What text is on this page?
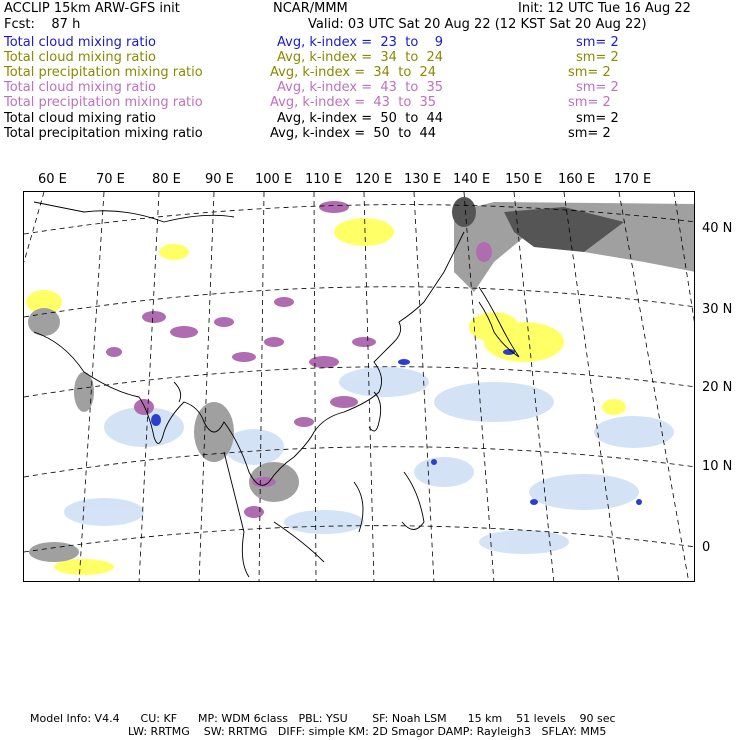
ACCLIP 15km ARW-GFS init	NCAR/MMM	Init: 12 UTC Tue 16 Aug 22
Fcst:    87 h	Valid: 03 UTC Sat 20 Aug 22 (12 KST Sat 20 Aug 22)
Total cloud mixing ratio	Avg, k-index =  23  to    9	sm= 2
Total cloud mixing ratio	Avg, k-index =  34  to  24	sm= 2
Total precipitation mixing ratio	Avg, k-index =  34  to  24	sm= 2
Total cloud mixing ratio	Avg, k-index =  43  to  35	sm= 2
Total precipitation mixing ratio	Avg, k-index =  43  to  35	sm= 2
Total cloud mixing ratio	Avg, k-index =  50  to  44	sm= 2
Total precipitation mixing ratio	Avg, k-index =  50  to  44	sm= 2
60 E 70 E 80 E 90 E 100 E 110 E 120 E 130 E 140 E 150 E 160 E 170 E
40 N
30 N
20 N
10 N
0
Model Info: V4.4      CU: KF      MP: WDM 6class   PBL: YSU       SF: Noah LSM      15 km    51 levels    90 sec
LW: RRTMG    SW: RRTMG   DIFF: simple KM: 2D Smagor DAMP: Rayleigh3   SFLAY: MM5
